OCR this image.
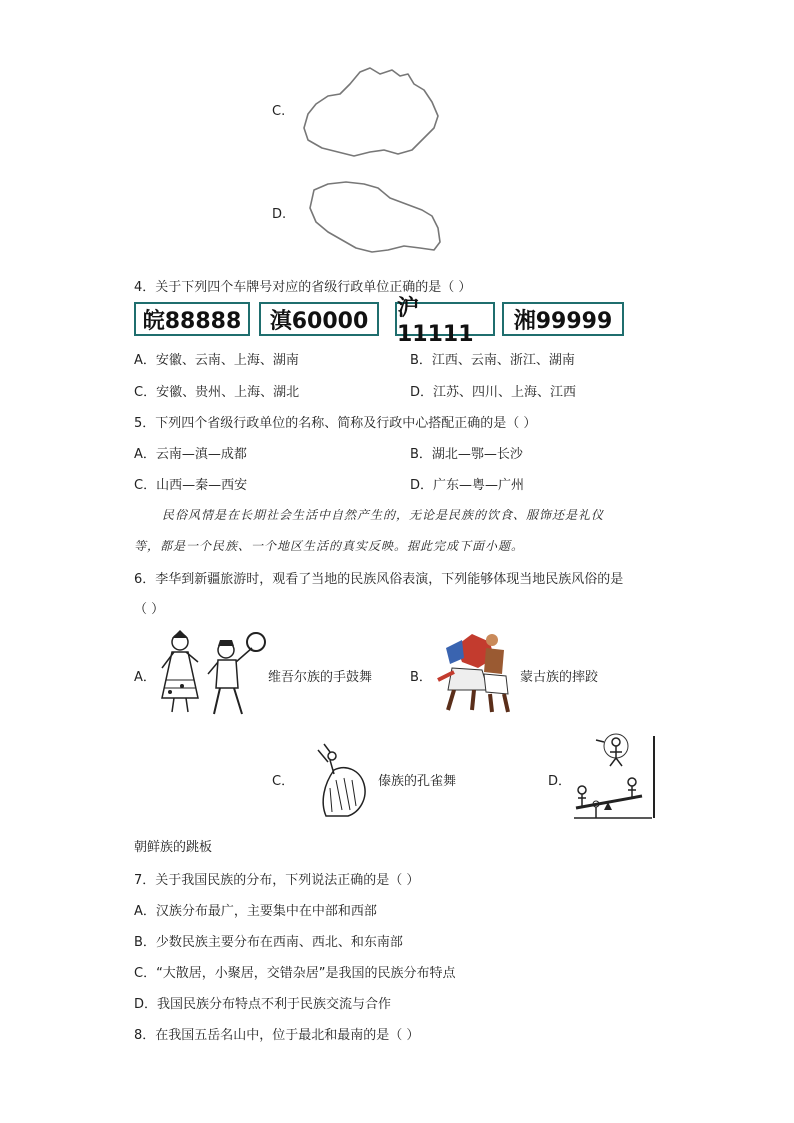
C.
D.
4．关于下列四个车牌号对应的省级行政单位正确的是（ ）
皖88888	滇60000	沪11111
湘99999
A．安徽、云南、上海、湖南	B．江西、云南、浙江、湖南
C．安徽、贵州、上海、湖北	D．江苏、四川、上海、江西
5．下列四个省级行政单位的名称、简称及行政中心搭配正确的是（ ）
A．云南—滇—成都	B．湖北—鄂—长沙
C．山西—秦—西安	D．广东—粤—广州
民俗风情是在长期社会生活中自然产生的，无论是民族的饮食、服饰还是礼仪
等，都是一个民族、一个地区生活的真实反映。据此完成下面小题。
6．李华到新疆旅游时，观看了当地的民族风俗表演，下列能够体现当地民族风俗的是
（ ）
A．	维吾尔族的手鼓舞	B．	蒙古族的摔跤
C．	傣族的孔雀舞	D．
朝鲜族的跳板
7．关于我国民族的分布，下列说法正确的是（ ）
A．汉族分布最广，主要集中在中部和西部
B．少数民族主要分布在西南、西北、和东南部
C．“大散居，小聚居，交错杂居”是我国的民族分布特点
D．我国民族分布特点不利于民族交流与合作
8．在我国五岳名山中，位于最北和最南的是（ ）
